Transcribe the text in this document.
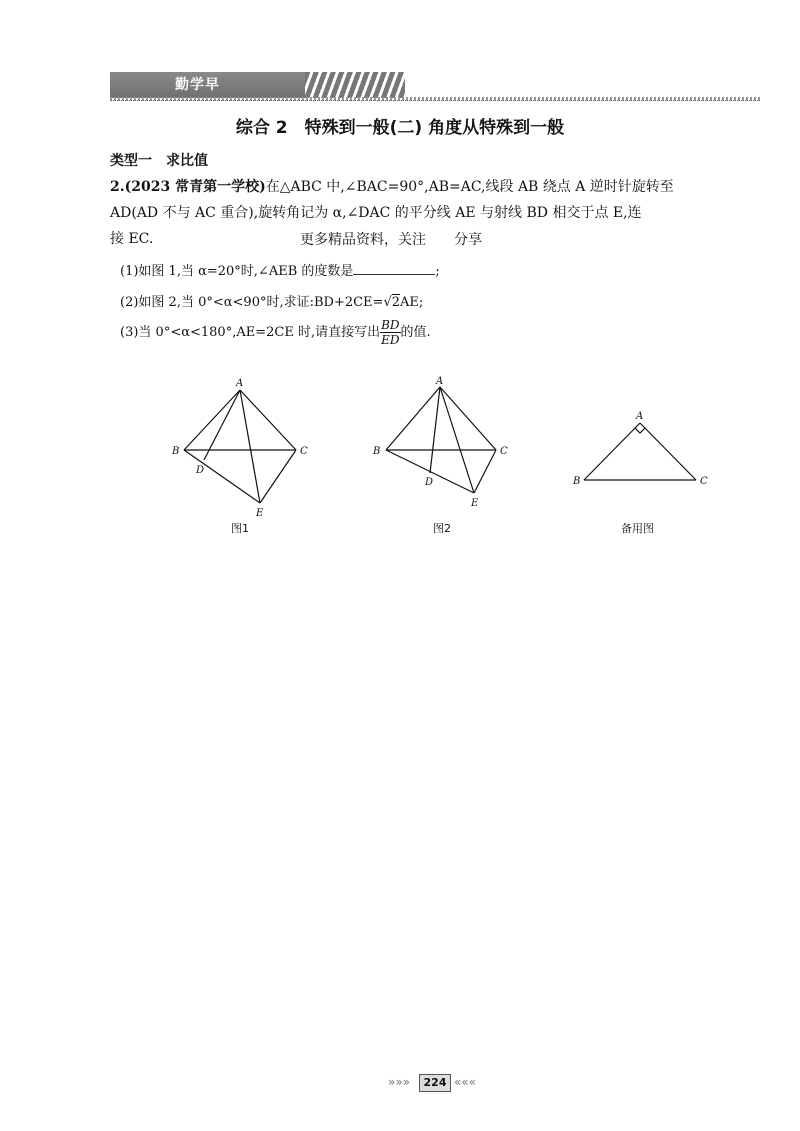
勤学早
综合 2　特殊到一般(二) 角度从特殊到一般
类型一　求比值
2.(2023 常青第一学校)在△ABC 中,∠BAC=90°,AB=AC,线段 AB 绕点 A 逆时针旋转至
AD(AD 不与 AC 重合),旋转角记为 α,∠DAC 的平分线 AE 与射线 BD 相交于点 E,连
接 EC.	更多精品资料，关注　　分享
(1)如图 1,当 α=20°时,∠AEB 的度数是	;
(2)如图 2,当 0°<α<90°时,求证:BD+2CE=√2AE;
(3)当 0°<α<180°,AE=2CE 时,请直接写出 $\frac{BD}{ED}$ 的值.
A
B	C
D
E
图1
A
B	C
D
E
图2
A
B	C
备用图
»»»	224 «««
